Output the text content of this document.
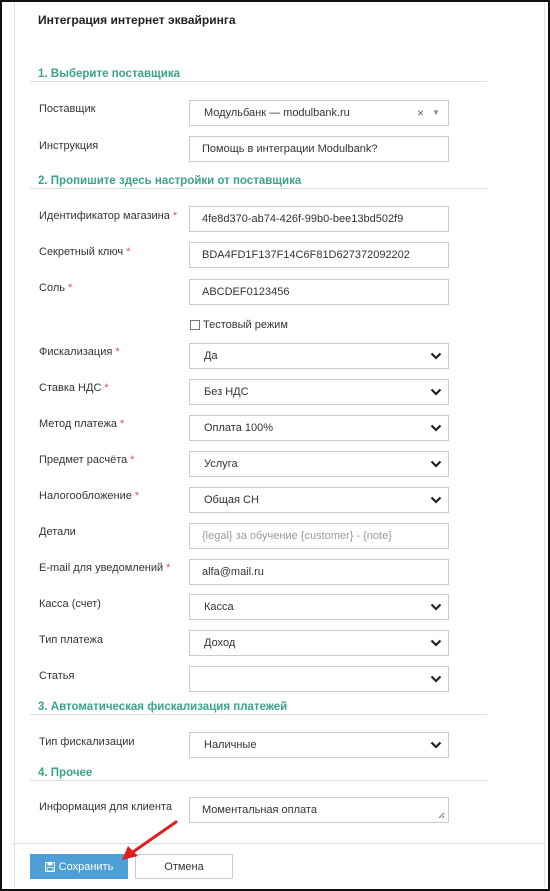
Интеграция интернет эквайринга
1. Выберите поставщика
Поставщик	Модульбанк — modulbank.ru	× ▼
Инструкция	Помощь в интеграции Modulbank?
2. Пропишите здесь настройки от поставщика
Идентификатор магазина *	4fe8d370-ab74-426f-99b0-bee13bd502f9
Секретный ключ *	BDA4FD1F137F14C6F81D627372092202
Соль *	ABCDEF0123456
Тестовый режим
Фискализация *	Да
Ставка НДС *	Без НДС
Метод платежа *	Оплата 100%
Предмет расчёта *	Услуга
Налогообложение *	Общая СН
Детали	{legal} за обучение {customer} - {note}
E-mail для уведомлений *	alfa@mail.ru
Касса (счет)	Касса
Тип платежа	Доход
Статья
3. Автоматическая фискализация платежей
Тип фискализации	Наличные
4. Прочее
Информация для клиента	Моментальная оплата
Сохранить	Отмена
